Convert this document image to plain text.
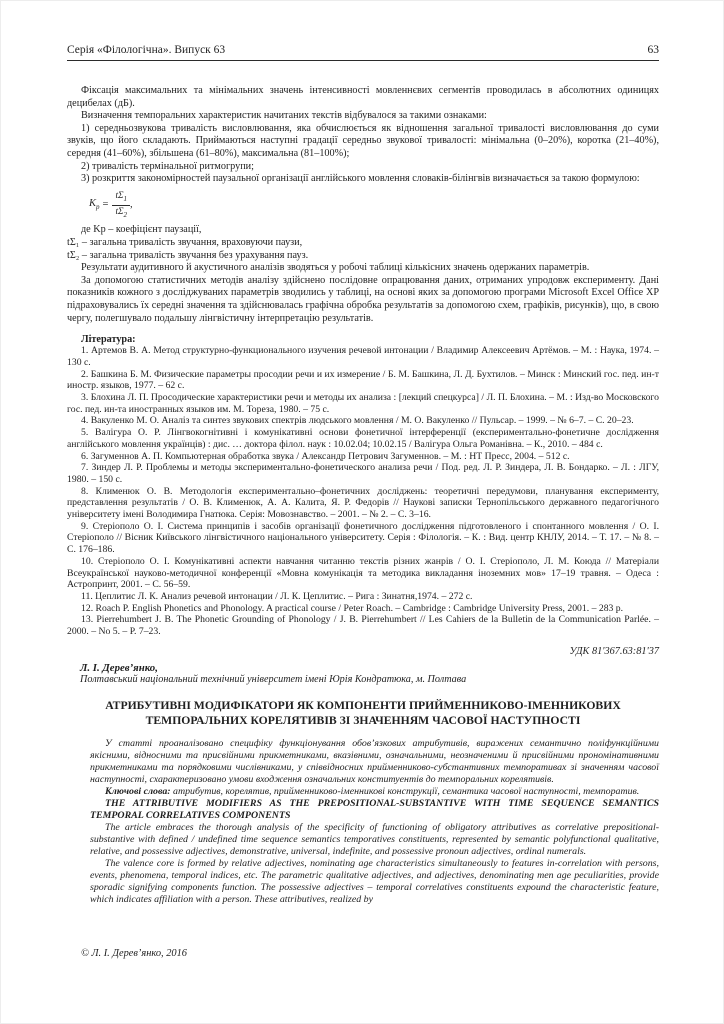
Серія «Філологічна». Випуск 63	63

Фіксація максимальних та мінімальних значень інтенсивності мовленнєвих сегментів проводилась в абсолютних одиницях децибелах (дБ).

Визначення темпоральних характеристик начитаних текстів відбувалося за такими ознаками:

1) середньозвукова тривалість висловлювання, яка обчислюється як відношення загальної тривалості висловлювання до суми звуків, що його складають. Приймаються наступні градації середньо звукової тривалості: мінімальна (0–20%), коротка (21–40%), середня (41–60%), збільшена (61–80%), максимальна (81–100%);

2) тривалість термінальної ритмогрупи;

3) розкриття закономірностей паузальної організації англійського мовлення словаків-білінгвів визначається за такою формулою:

$K_p = \frac{t\Sigma_1}{t\Sigma_2}$ ,

де Kp – коефіцієнт паузації,

tΣ₁ – загальна тривалість звучання, враховуючи паузи,

tΣ₂ – загальна тривалість звучання без урахування пауз.

Результати аудитивного й акустичного аналізів зводяться у робочі таблиці кількісних значень одержаних параметрів.

За допомогою статистичних методів аналізу здійснено послідовне опрацювання даних, отриманих упродовж експерименту. Дані показників кожного з досліджуваних параметрів зводились у таблиці, на основі яких за допомогою програми Microsoft Excel Office XP підраховувались їх середні значення та здійснювалась графічна обробка результатів за допомогою схем, графіків, рисунків), що, в свою чергу, полегшувало подальшу лінгвістичну інтерпретацію результатів.

Література:

1. Артемов В. А. Метод структурно-функционального изучения речевой интонации / Владимир Алексеевич Артёмов. – М. : Наука, 1974. – 130 с.

2. Башкина Б. М. Физические параметры просодии речи и их измерение / Б. М. Башкина, Л. Д. Бухтилов. – Минск : Минский гос. пед. ин-т иностр. языков, 1977. – 62 с.

3. Блохина Л. П. Просодические характеристики речи и методы их анализа : [лекций спецкурса] / Л. П. Блохина. – М. : Изд-во Московского гос. пед. ин-та иностранных языков им. М. Тореза, 1980. – 75 с.

4. Вакуленко М. О. Аналіз та синтез звукових спектрів людського мовлення / М. О. Вакуленко // Пульсар. – 1999. – № 6–7. – С. 20–23.

5. Валігура О. Р. Лінгвокогнітивні і комунікативні основи фонетичної інтерференції (експериментально-фонетичне дослідження англійського мовлення українців) : дис. … доктора філол. наук : 10.02.04; 10.02.15 / Валігура Ольга Романівна. – К., 2010. – 484 с.

6. Загуменнов А. П. Компьютерная обработка звука / Александр Петрович Загуменнов. – М. : НТ Пресс, 2004. – 512 с.

7. Зиндер Л. Р. Проблемы и методы экспериментально-фонетического анализа речи / Под. ред. Л. Р. Зиндера, Л. В. Бондарко. – Л. : ЛГУ, 1980. – 150 с.

8. Клименюк О. В. Методологія експериментально–фонетичних досліджень: теоретичні передумови, планування експерименту, представлення результатів / О. В. Клименюк, А. А. Калита, Я. Р. Федорів // Наукові записки Тернопільського державного педагогічного університету імені Володимира Гнатюка. Серія: Мовознавство. – 2001. – № 2. – С. 3–16.

9. Стеріополо О. І. Система принципів і засобів організації фонетичного дослідження підготовленого і спонтанного мовлення / О. І. Стеріополо // Вісник Київського лінгвістичного національного університету. Серія : Філологія. – К. : Вид. центр КНЛУ, 2014. – Т. 17. – № 8. – С. 176–186.

10. Стеріополо О. І. Комунікативні аспекти навчання читанню текстів різних жанрів / О. І. Стеріополо, Л. М. Коюда // Матеріали Всеукраїнської науково-методичної конференції «Мовна комунікація та методика викладання іноземних мов» 17–19 травня. – Одеса : Астропринт, 2001. – С. 56–59.

11. Цеплитис Л. К. Анализ речевой интонации / Л. К. Цеплитис. – Рига : Зинатня,1974. – 272 с.

12. Roach P. English Phonetics and Phonology. A practical course / Peter Roach. – Cambridge : Cambridge University Press, 2001. – 283 p.

13. Pierrehumbert J. B. The Phonetic Grounding of Phonology / J. B. Pierrehumbert // Les Cahiers de la Bulletin de la Communication Parlée. – 2000. – No 5. – P. 7–23.

УДК 81'367.63:81'37

Л. І. Дерев’янко,

Полтавський національний технічний університет імені Юрія Кондратюка, м. Полтава

АТРИБУТИВНІ МОДИФІКАТОРИ ЯК КОМПОНЕНТИ ПРИЙМЕННИКОВО-ІМЕННИКОВИХ ТЕМПОРАЛЬНИХ КОРЕЛЯТИВІВ ЗІ ЗНАЧЕННЯМ ЧАСОВОЇ НАСТУПНОСТІ

У статті проаналізовано специфіку функціонування обов’язкових атрибутивів, виражених семантично поліфункційними якісними, відносними та присвійними прикметниками, вказівними, означальними, неозначеними й присвійними прономінативними прикметниками та порядковими числівниками, у співвідносних прийменниково-субстантивних темпоративах зі значенням часової наступності, схарактеризовано умови входження означальних конституентів до темпоральних корелятивів.

Ключові слова: атрибутив, корелятив, прийменниково-іменникові конструкції, семантика часової наступності, темпоратив.

THE ATTRIBUTIVE MODIFIERS AS THE PREPOSITIONAL-SUBSTANTIVE WITH TIME SEQUENCE SEMANTICS TEMPORAL CORRELATIVES COMPONENTS

The article embraces the thorough analysis of the specificity of functioning of obligatory attributives as correlative prepositional-substantive with defined / undefined time sequence semantics temporatives constituents, represented by semantic polyfunctional qualitative, relative, and possessive adjectives, demonstrative, universal, indefinite, and possessive pronoun adjectives, ordinal numerals.

The valence core is formed by relative adjectives, nominating age characteristics simultaneously to features in-correlation with persons, events, phenomena, temporal indices, etc. The parametric qualitative adjectives, and adjectives, denominating men age peculiarities, provide sporadic signifying components function. The possessive adjectives – temporal correlatives constituents expound the characteristic feature, which indicates affiliation with a person. These attributives, realized by

© Л. І. Дерев’янко, 2016
